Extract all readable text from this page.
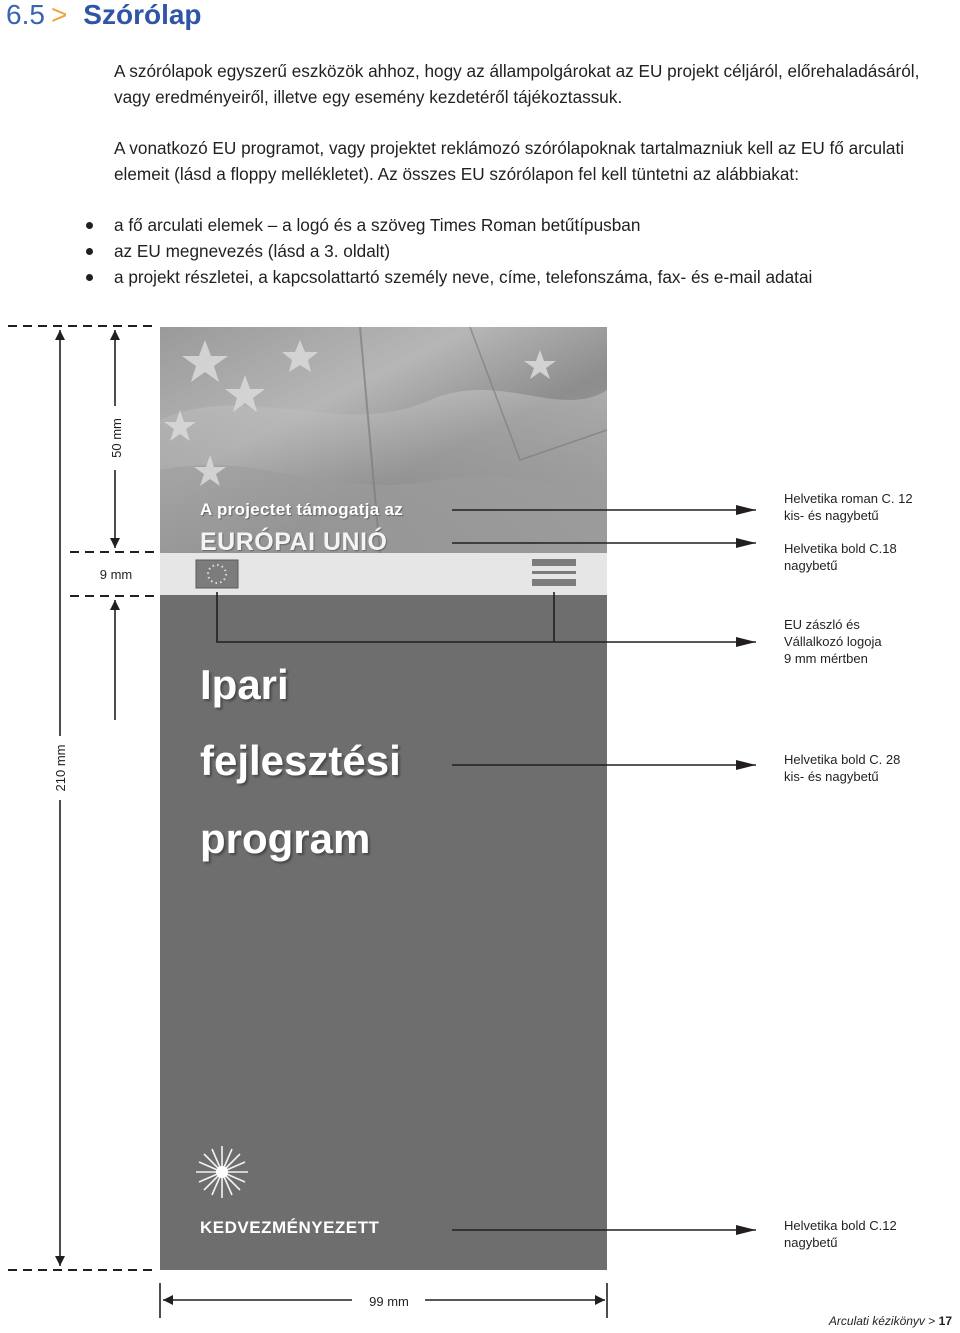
6.5 > Szórólap

A szórólapok egyszerű eszközök ahhoz, hogy az állampolgárokat az EU projekt céljáról, előrehaladásáról, vagy eredményeiről, illetve egy esemény kezdetéről tájékoztassuk.

A vonatkozó EU programot, vagy projektet reklámozó szórólapoknak tartalmazniuk kell az EU fő arculati elemeit (lásd a floppy mellékletet). Az összes EU szórólapon fel kell tüntetni az alábbiakat:

a fő arculati elemek – a logó és a szöveg Times Roman betűtípusban
az EU megnevezés (lásd a 3. oldalt)
a projekt részletei, a kapcsolattartó személy neve, címe, telefonszáma, fax- és e-mail adatai
50 mm
9 mm
210 mm
99 mm
A projectet támogatja az
EURÓPAI UNIÓ
Ipari
fejlesztési
program
KEDVEZMÉNYEZETT
Helvetika roman C. 12
kis- és nagybetű
Helvetika bold C.18
nagybetű
EU zászló és
Vállalkozó logoja
9 mm mértben
Helvetika bold C. 28
kis- és nagybetű
Helvetika bold C.12
nagybetű
Arculati kézikönyv > 17
